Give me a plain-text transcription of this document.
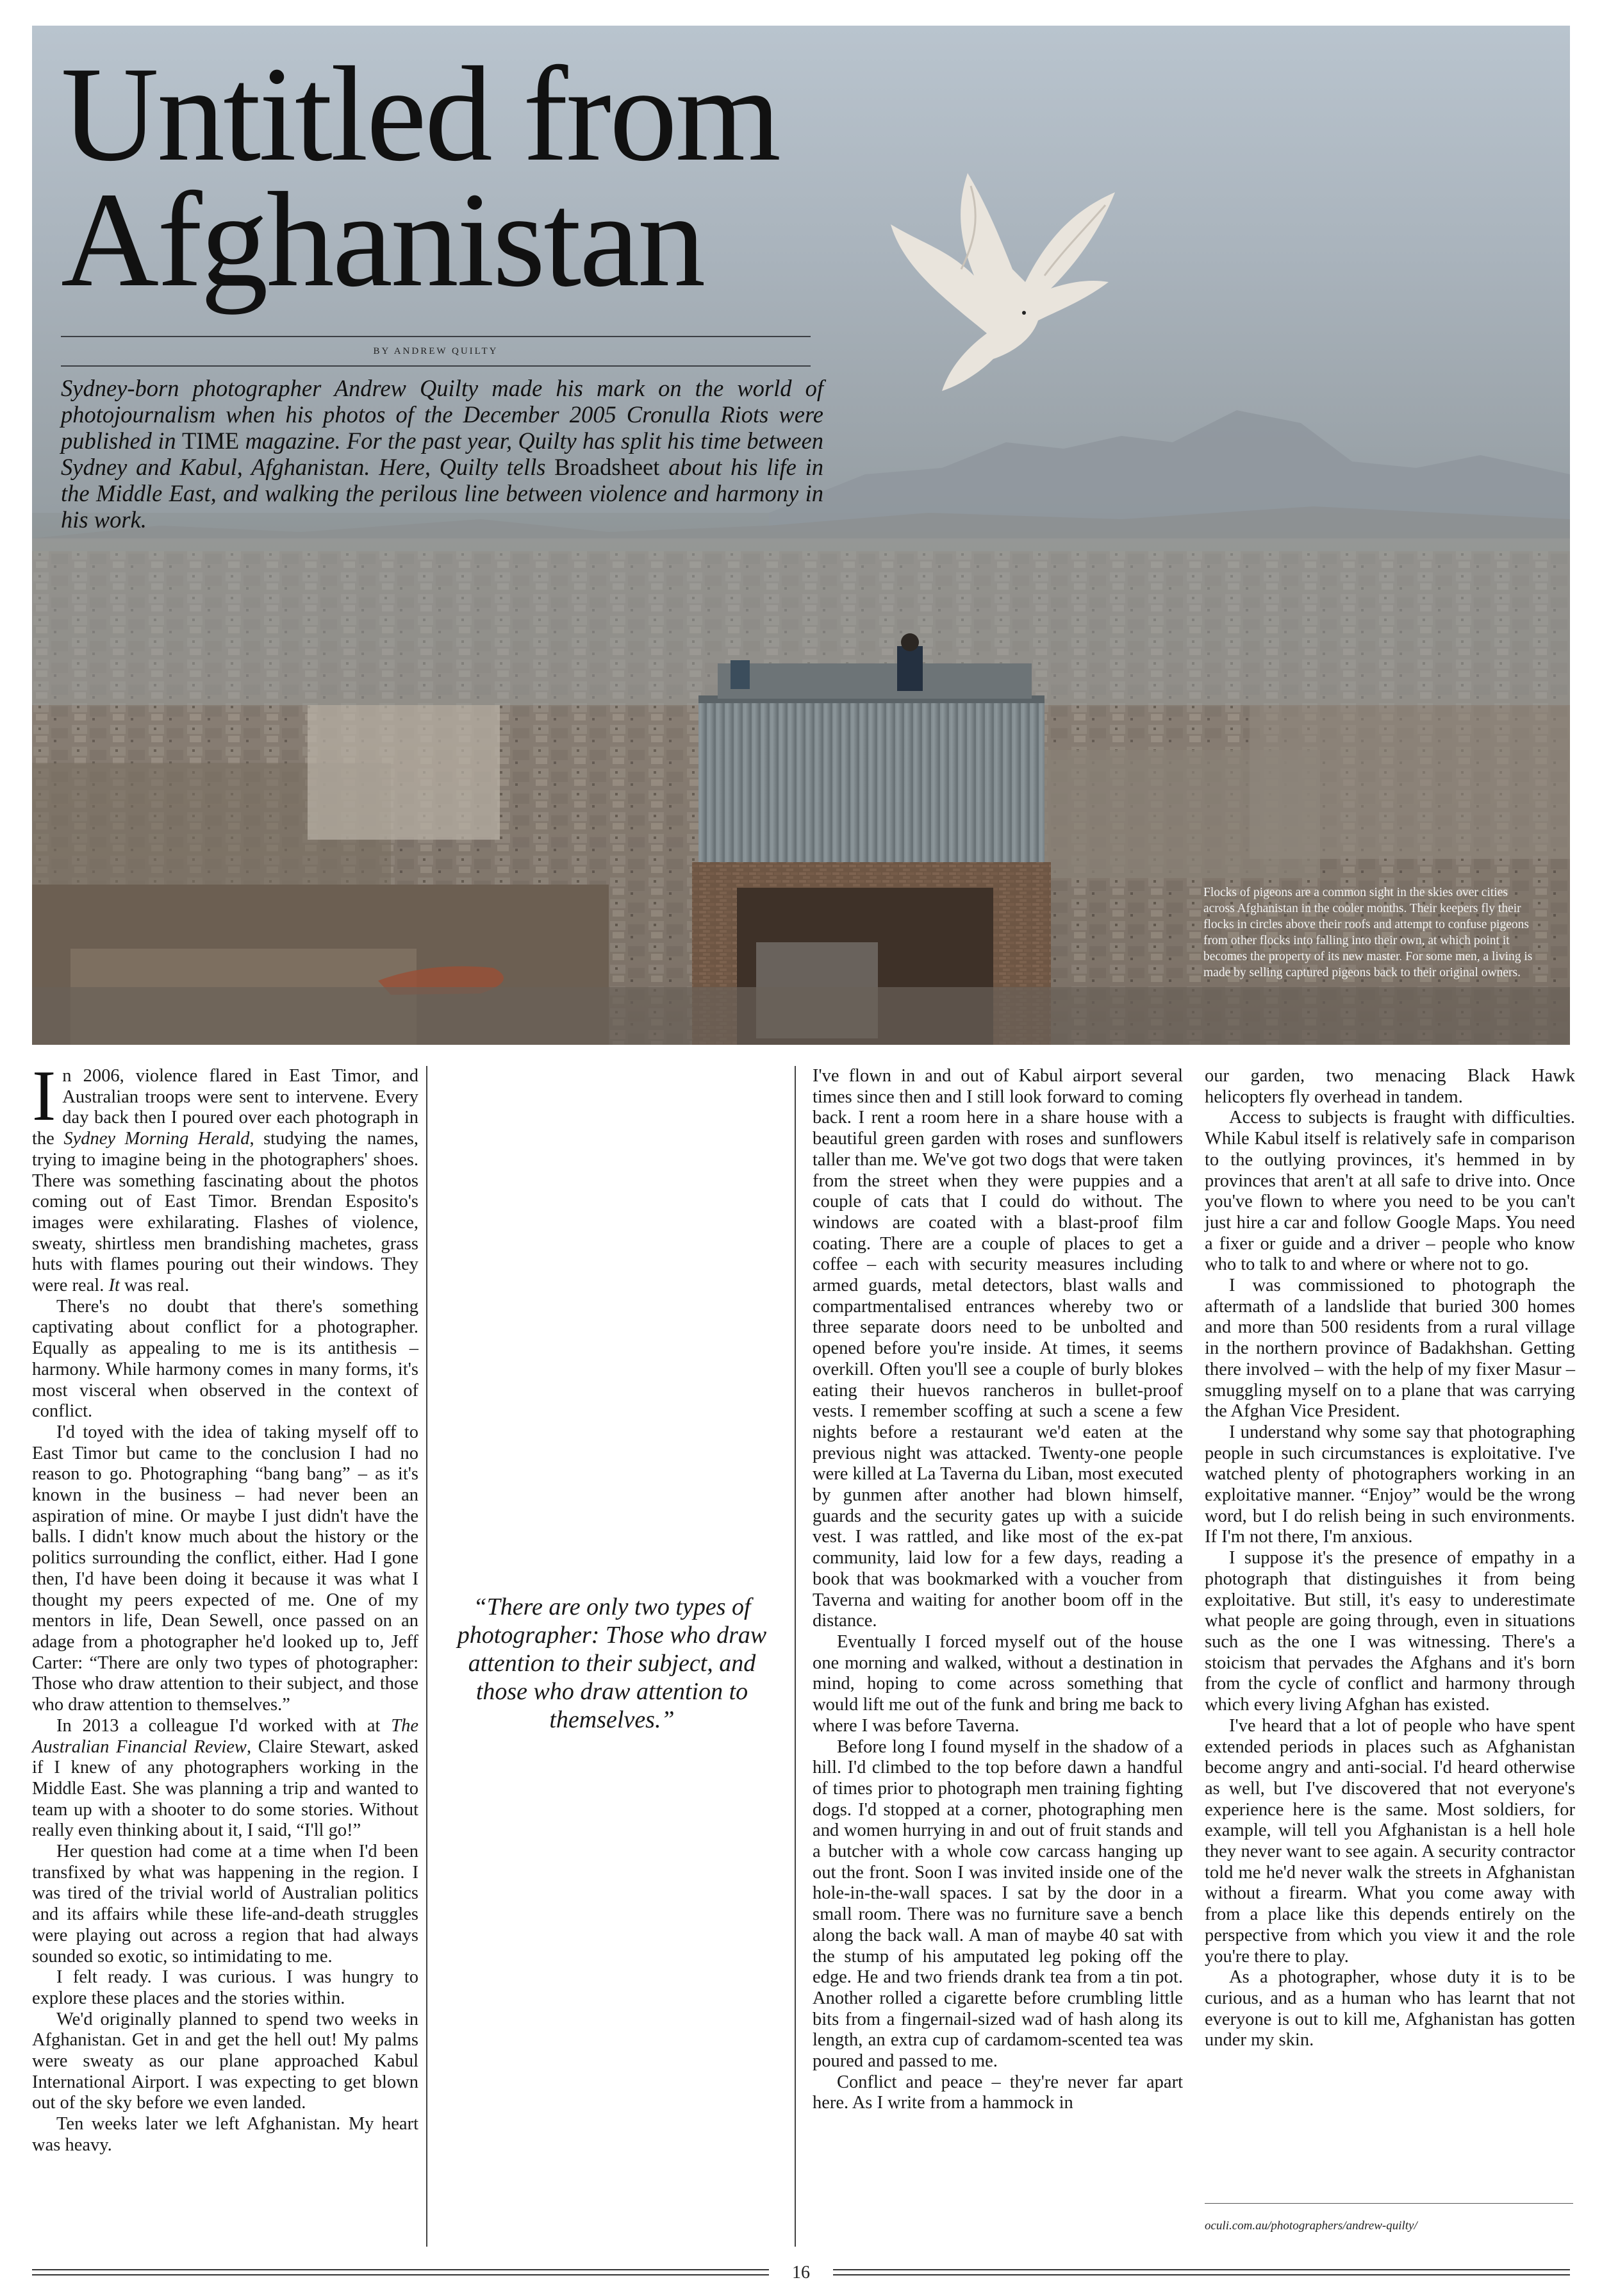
Untitled from Afghanistan
BY ANDREW QUILTY

Sydney-born photographer Andrew Quilty made his mark on the world of photojournalism when his photos of the December 2005 Cronulla Riots were published in TIME magazine. For the past year, Quilty has split his time between Sydney and Kabul, Afghanistan. Here, Quilty tells Broadsheet about his life in the Middle East, and walking the perilous line between violence and harmony in his work.

Flocks of pigeons are a common sight in the skies over cities across Afghanistan in the cooler months. Their keepers fly their flocks in circles above their roofs and attempt to confuse pigeons from other flocks into falling into their own, at which point it becomes the property of its new master. For some men, a living is made by selling captured pigeons back to their original owners.

In 2006, violence flared in East Timor, and Australian troops were sent to intervene. Every day back then I poured over each photograph in the Sydney Morning Herald, studying the names, trying to imagine being in the photographers' shoes. There was something fascinating about the photos coming out of East Timor. Brendan Esposito's images were exhilarating. Flashes of violence, sweaty, shirtless men brandishing machetes, grass huts with flames pouring out their windows. They were real. It was real.

There's no doubt that there's something captivating about conflict for a photographer. Equally as appealing to me is its antithesis – harmony. While harmony comes in many forms, it's most visceral when observed in the context of conflict.

I'd toyed with the idea of taking myself off to East Timor but came to the conclusion I had no reason to go. Photographing “bang bang” – as it's known in the business – had never been an aspiration of mine. Or maybe I just didn't have the balls. I didn't know much about the history or the politics surrounding the conflict, either. Had I gone then, I'd have been doing it because it was what I thought my peers expected of me. One of my mentors in life, Dean Sewell, once passed on an adage from a photographer he'd looked up to, Jeff Carter: “There are only two types of photographer: Those who draw attention to their subject, and those who draw attention to themselves.”

In 2013 a colleague I'd worked with at The Australian Financial Review, Claire Stewart, asked if I knew of any photographers working in the Middle East. She was planning a trip and wanted to team up with a shooter to do some stories. Without really even thinking about it, I said, “I'll go!”

Her question had come at a time when I'd been transfixed by what was happening in the region. I was tired of the trivial world of Australian politics and its affairs while these life-and-death struggles were playing out across a region that had always sounded so exotic, so intimidating to me.

I felt ready. I was curious. I was hungry to explore these places and the stories within.

We'd originally planned to spend two weeks in Afghanistan. Get in and get the hell out! My palms were sweaty as our plane approached Kabul International Airport. I was expecting to get blown out of the sky before we even landed.

Ten weeks later we left Afghanistan. My heart was heavy.

“There are only two types of photographer: Those who draw attention to their subject, and those who draw attention to themselves.”

I've flown in and out of Kabul airport several times since then and I still look forward to coming back. I rent a room here in a share house with a beautiful green garden with roses and sunflowers taller than me. We've got two dogs that were taken from the street when they were puppies and a couple of cats that I could do without. The windows are coated with a blast-proof film coating. There are a couple of places to get a coffee – each with security measures including armed guards, metal detectors, blast walls and compartmentalised entrances whereby two or three separate doors need to be unbolted and opened before you're inside. At times, it seems overkill. Often you'll see a couple of burly blokes eating their huevos rancheros in bullet-proof vests. I remember scoffing at such a scene a few nights before a restaurant we'd eaten at the previous night was attacked. Twenty-one people were killed at La Taverna du Liban, most executed by gunmen after another had blown himself, guards and the security gates up with a suicide vest. I was rattled, and like most of the ex-pat community, laid low for a few days, reading a book that was bookmarked with a voucher from Taverna and waiting for another boom off in the distance.

Eventually I forced myself out of the house one morning and walked, without a destination in mind, hoping to come across something that would lift me out of the funk and bring me back to where I was before Taverna.

Before long I found myself in the shadow of a hill. I'd climbed to the top before dawn a handful of times prior to photograph men training fighting dogs. I'd stopped at a corner, photographing men and women hurrying in and out of fruit stands and a butcher with a whole cow carcass hanging up out the front. Soon I was invited inside one of the hole-in-the-wall spaces. I sat by the door in a small room. There was no furniture save a bench along the back wall. A man of maybe 40 sat with the stump of his amputated leg poking off the edge. He and two friends drank tea from a tin pot. Another rolled a cigarette before crumbling little bits from a fingernail-sized wad of hash along its length, an extra cup of cardamom-scented tea was poured and passed to me.

Conflict and peace – they're never far apart here. As I write from a hammock in

our garden, two menacing Black Hawk helicopters fly overhead in tandem.

Access to subjects is fraught with difficulties. While Kabul itself is relatively safe in comparison to the outlying provinces, it's hemmed in by provinces that aren't at all safe to drive into. Once you've flown to where you need to be you can't just hire a car and follow Google Maps. You need a fixer or guide and a driver – people who know who to talk to and where or where not to go.

I was commissioned to photograph the aftermath of a landslide that buried 300 homes and more than 500 residents from a rural village in the northern province of Badakhshan. Getting there involved – with the help of my fixer Masur – smuggling myself on to a plane that was carrying the Afghan Vice President.

I understand why some say that photographing people in such circumstances is exploitative. I've watched plenty of photographers working in an exploitative manner. “Enjoy” would be the wrong word, but I do relish being in such environments. If I'm not there, I'm anxious.

I suppose it's the presence of empathy in a photograph that distinguishes it from being exploitative. But still, it's easy to underestimate what people are going through, even in situations such as the one I was witnessing. There's a stoicism that pervades the Afghans and it's born from the cycle of conflict and harmony through which every living Afghan has existed.

I've heard that a lot of people who have spent extended periods in places such as Afghanistan become angry and anti-social. I'd heard otherwise as well, but I've discovered that not everyone's experience here is the same. Most soldiers, for example, will tell you Afghanistan is a hell hole they never want to see again. A security contractor told me he'd never walk the streets in Afghanistan without a firearm. What you come away with from a place like this depends entirely on the perspective from which you view it and the role you're there to play.

As a photographer, whose duty it is to be curious, and as a human who has learnt that not everyone is out to kill me, Afghanistan has gotten under my skin.

oculi.com.au/photographers/andrew-quilty/
16
